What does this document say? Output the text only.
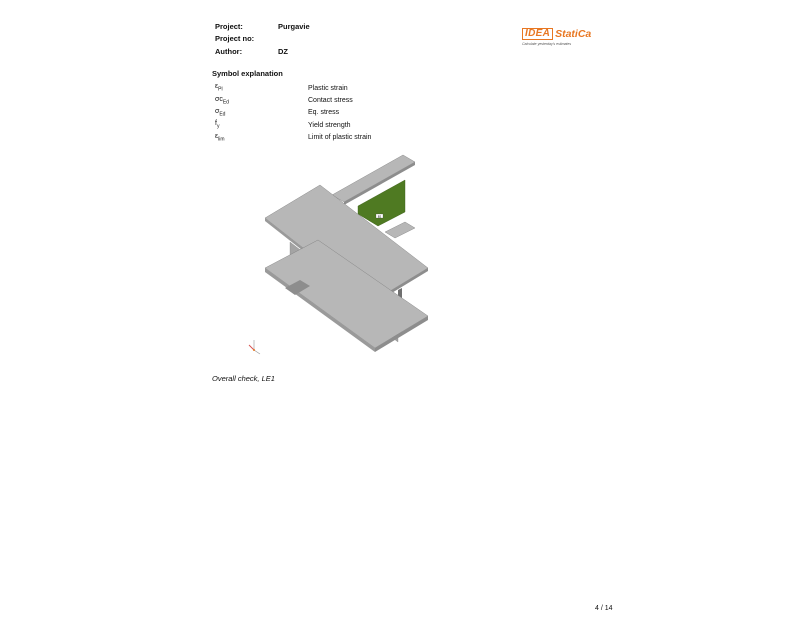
Project:	Purgavie
Project no:
Author:	DZ
IDEA StatiCa
Calculate yesterday's estimates
Symbol explanation
$\varepsilon_{Pl}$	Plastic strain
$\sigma c_{Ed}$	Contact stress
$\sigma_{Ed}$	Eq. stress
$f_y$	Yield strength
$\varepsilon_{lim}$	Limit of plastic strain
B2
Overall check, LE1
4 / 14
